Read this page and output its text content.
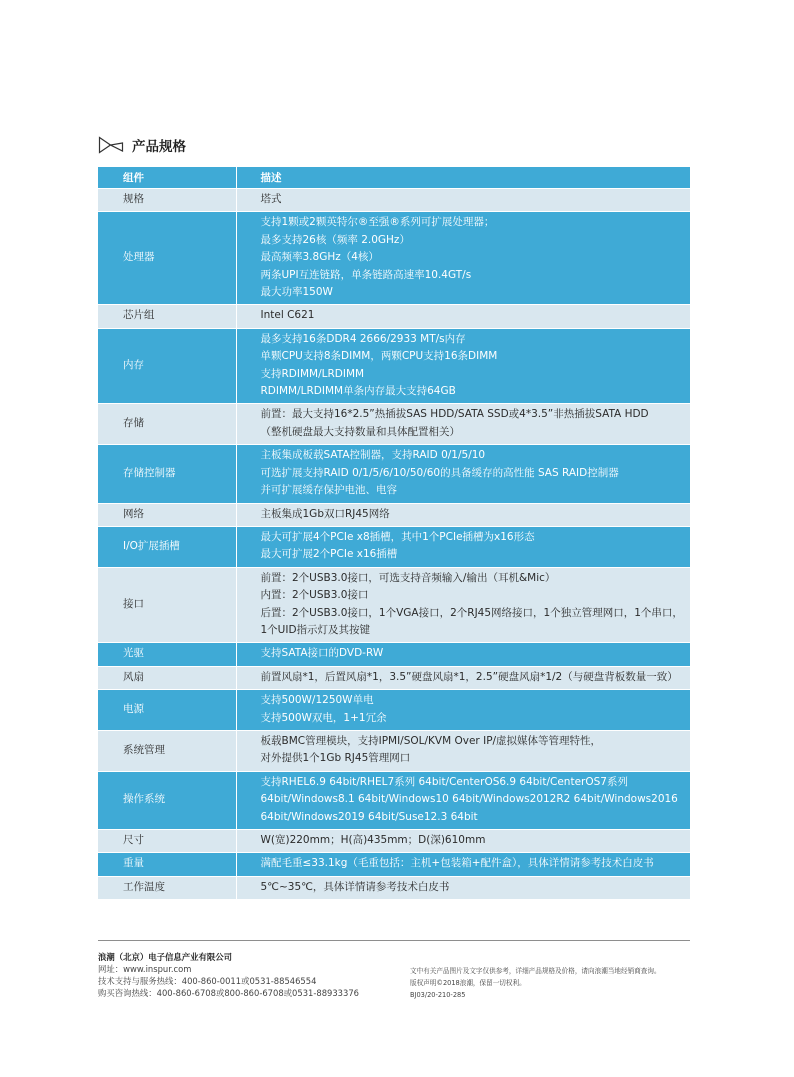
产品规格
组件	描述
规格	塔式

处理器	支持1颗或2颗英特尔®至强®系列可扩展处理器；
最多支持26核（频率 2.0GHz）
最高频率3.8GHz（4核）
两条UPI互连链路，单条链路高速率10.4GT/s
最大功率150W

芯片组	Intel C621

内存	最多支持16条DDR4 2666/2933 MT/s内存
单颗CPU支持8条DIMM，两颗CPU支持16条DIMM
支持RDIMM/LRDIMM
RDIMM/LRDIMM单条内存最大支持64GB

存储	前置：最大支持16*2.5”热插拔SAS HDD/SATA SSD或4*3.5”非热插拔SATA HDD
（整机硬盘最大支持数量和具体配置相关）

存储控制器	主板集成板载SATA控制器，支持RAID 0/1/5/10
可选扩展支持RAID 0/1/5/6/10/50/60的具备缓存的高性能 SAS RAID控制器
并可扩展缓存保护电池、电容

网络	主板集成1Gb双口RJ45网络

I/O扩展插槽	最大可扩展4个PCIe x8插槽，其中1个PCIe插槽为x16形态
最大可扩展2个PCIe x16插槽

接口	前置：2个USB3.0接口，可选支持音频输入/输出（耳机&Mic）
内置：2个USB3.0接口
后置：2个USB3.0接口，1个VGA接口，2个RJ45网络接口，1个独立管理网口，1个串口，
1个UID指示灯及其按键

光驱	支持SATA接口的DVD-RW

风扇	前置风扇*1，后置风扇*1，3.5”硬盘风扇*1，2.5”硬盘风扇*1/2（与硬盘背板数量一致）

电源	支持500W/1250W单电
支持500W双电，1+1冗余

系统管理	板载BMC管理模块，支持IPMI/SOL/KVM Over IP/虚拟媒体等管理特性，
对外提供1个1Gb RJ45管理网口

操作系统	支持RHEL6.9 64bit/RHEL7系列 64bit/CenterOS6.9 64bit/CenterOS7系列
64bit/Windows8.1 64bit/Windows10 64bit/Windows2012R2 64bit/Windows2016
64bit/Windows2019 64bit/Suse12.3 64bit

尺寸	W(宽)220mm；H(高)435mm；D(深)610mm

重量	满配毛重≤33.1kg（毛重包括：主机+包装箱+配件盒），具体详情请参考技术白皮书

工作温度	5℃~35℃，具体详情请参考技术白皮书
浪潮（北京）电子信息产业有限公司
网址：www.inspur.com
技术支持与服务热线：400-860-0011或0531-88546554
购买咨询热线：400-860-6708或800-860-6708或0531-88933376
文中有关产品图片及文字仅供参考，详细产品规格及价格，请向浪潮当地经销商查询。
版权声明©2018浪潮，保留一切权利。
BJ03/20-210-285
